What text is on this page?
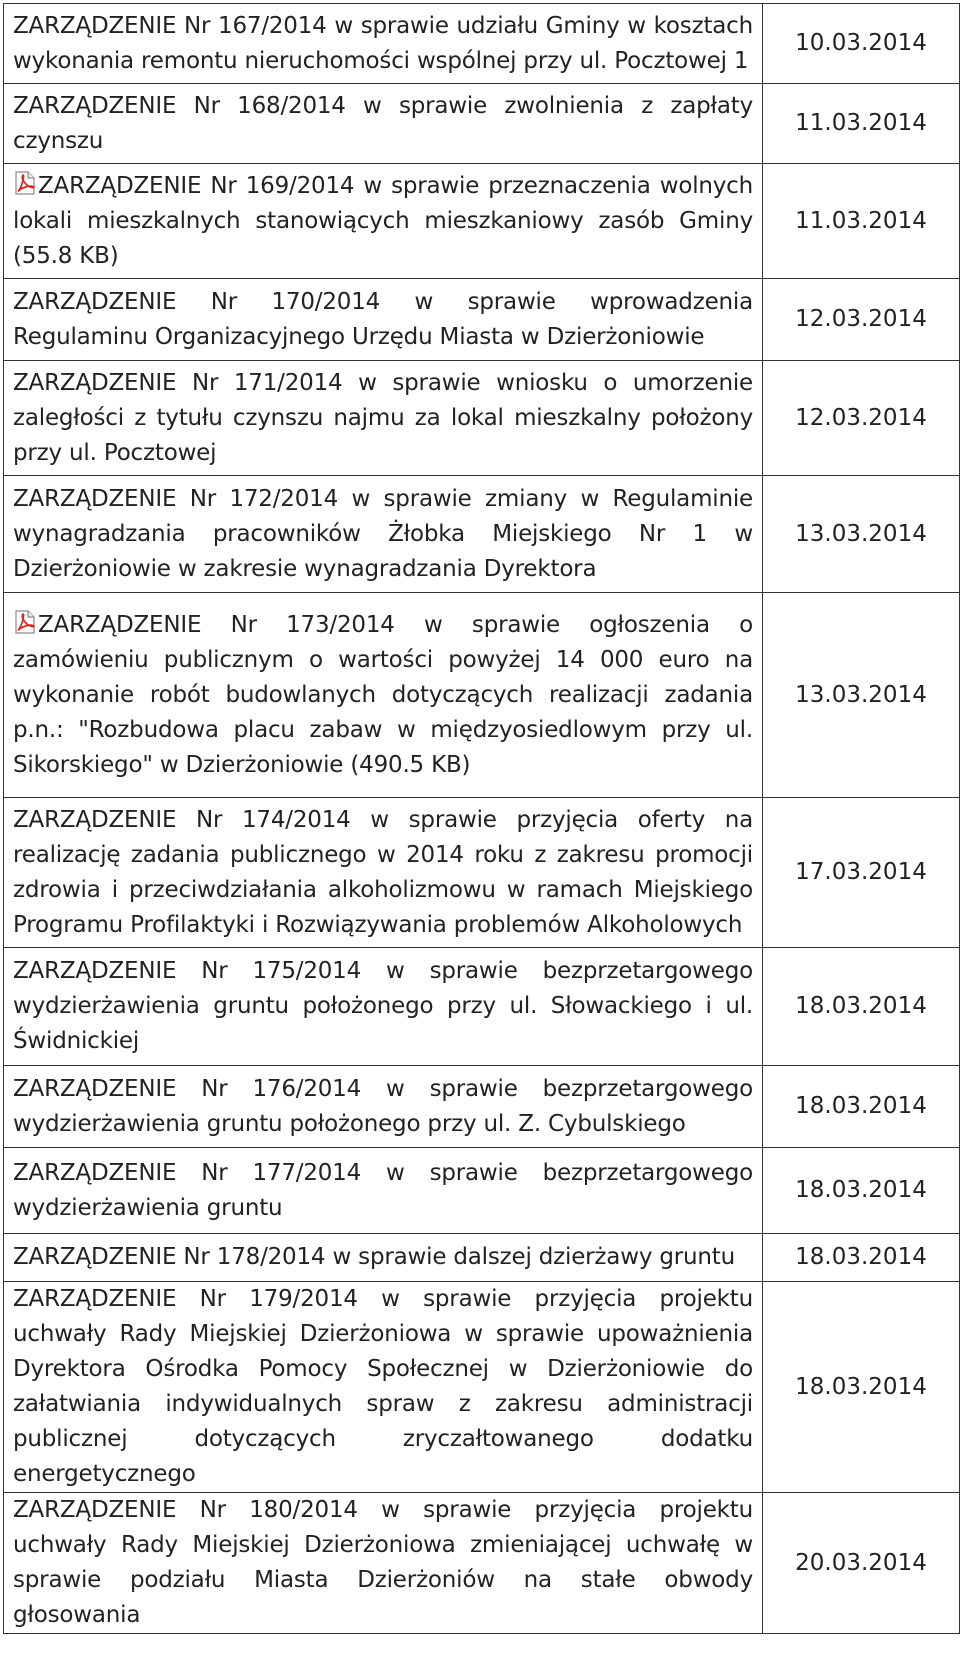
ZARZĄDZENIE Nr 167/2014 w sprawie udziału Gminy w kosztach wykonania remontu nieruchomości wspólnej przy ul. Pocztowej 1	10.03.2014
ZARZĄDZENIE Nr 168/2014 w sprawie zwolnienia z zapłaty czynszu	11.03.2014

ZARZĄDZENIE Nr 169/2014 w sprawie przeznaczenia wolnych lokali mieszkalnych stanowiących mieszkaniowy zasób Gminy (55.8 KB)	11.03.2014
ZARZĄDZENIE Nr 170/2014 w sprawie wprowadzenia Regulaminu Organizacyjnego Urzędu Miasta w Dzierżoniowie	12.03.2014
ZARZĄDZENIE Nr 171/2014 w sprawie wniosku o umorzenie zaległości z tytułu czynszu najmu za lokal mieszkalny położony przy ul. Pocztowej	12.03.2014
ZARZĄDZENIE Nr 172/2014 w sprawie zmiany w Regulaminie wynagradzania pracowników Żłobka Miejskiego Nr 1 w Dzierżoniowie w zakresie wynagradzania Dyrektora	13.03.2014

ZARZĄDZENIE Nr 173/2014 w sprawie ogłoszenia o zamówieniu publicznym o wartości powyżej 14 000 euro na wykonanie robót budowlanych dotyczących realizacji zadania p.n.: "Rozbudowa placu zabaw w międzyosiedlowym przy ul. Sikorskiego" w Dzierżoniowie (490.5 KB)	13.03.2014
ZARZĄDZENIE Nr 174/2014 w sprawie przyjęcia oferty na realizację zadania publicznego w 2014 roku z zakresu promocji zdrowia i przeciwdziałania alkoholizmowu w ramach Miejskiego Programu Profilaktyki i Rozwiązywania problemów Alkoholowych	17.03.2014
ZARZĄDZENIE Nr 175/2014 w sprawie bezprzetargowego wydzierżawienia gruntu położonego przy ul. Słowackiego i ul. Świdnickiej	18.03.2014
ZARZĄDZENIE Nr 176/2014 w sprawie bezprzetargowego wydzierżawienia gruntu położonego przy ul. Z. Cybulskiego	18.03.2014
ZARZĄDZENIE Nr 177/2014 w sprawie bezprzetargowego wydzierżawienia gruntu	18.03.2014
ZARZĄDZENIE Nr 178/2014 w sprawie dalszej dzierżawy gruntu	18.03.2014
ZARZĄDZENIE Nr 179/2014 w sprawie przyjęcia projektu uchwały Rady Miejskiej Dzierżoniowa w sprawie upoważnienia Dyrektora Ośrodka Pomocy Społecznej w Dzierżoniowie do załatwiania indywidualnych spraw z zakresu administracji publicznej dotyczących zryczałtowanego dodatku energetycznego	18.03.2014
ZARZĄDZENIE Nr 180/2014 w sprawie przyjęcia projektu uchwały Rady Miejskiej Dzierżoniowa zmieniającej uchwałę w sprawie podziału Miasta Dzierżoniów na stałe obwody głosowania	20.03.2014
